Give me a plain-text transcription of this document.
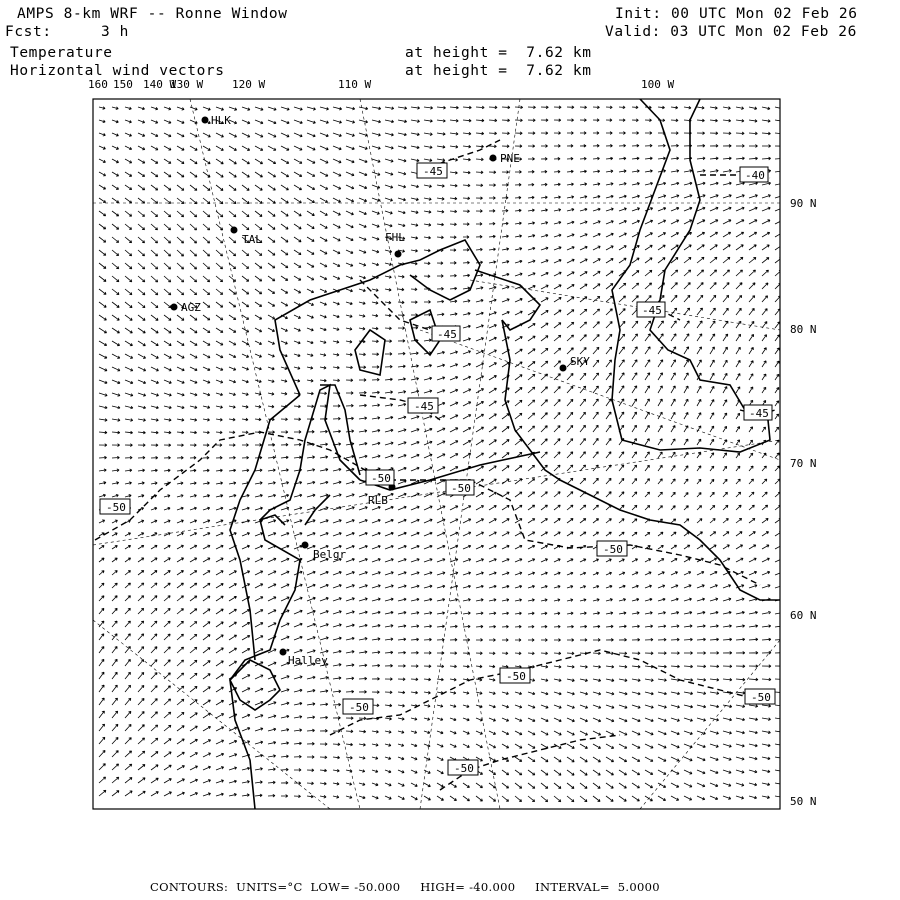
AMPS 8-km WRF -- Ronne Window
Fcst:	3 h
Init: 00 UTC Mon 02 Feb 26
Valid: 03 UTC Mon 02 Feb 26
Temperature	at height =  7.62 km
Horizontal wind vectors	at height =  7.62 km
160 150 140 W
130 W	120 W	110 W	100 W
90 N
80 N
70 N
60 N
50 N
HLK
PNE
TAL	FHL
AGZ
SKY
RLB
Belgr
Halley
-45	-40
-45
-45
-45
-45
-50
-50
-50
-50
-50
-50
-50
-50
CONTOURS: UNITS=°C LOW= -50.000 HIGH= -40.000 INTERVAL= 5.0000
